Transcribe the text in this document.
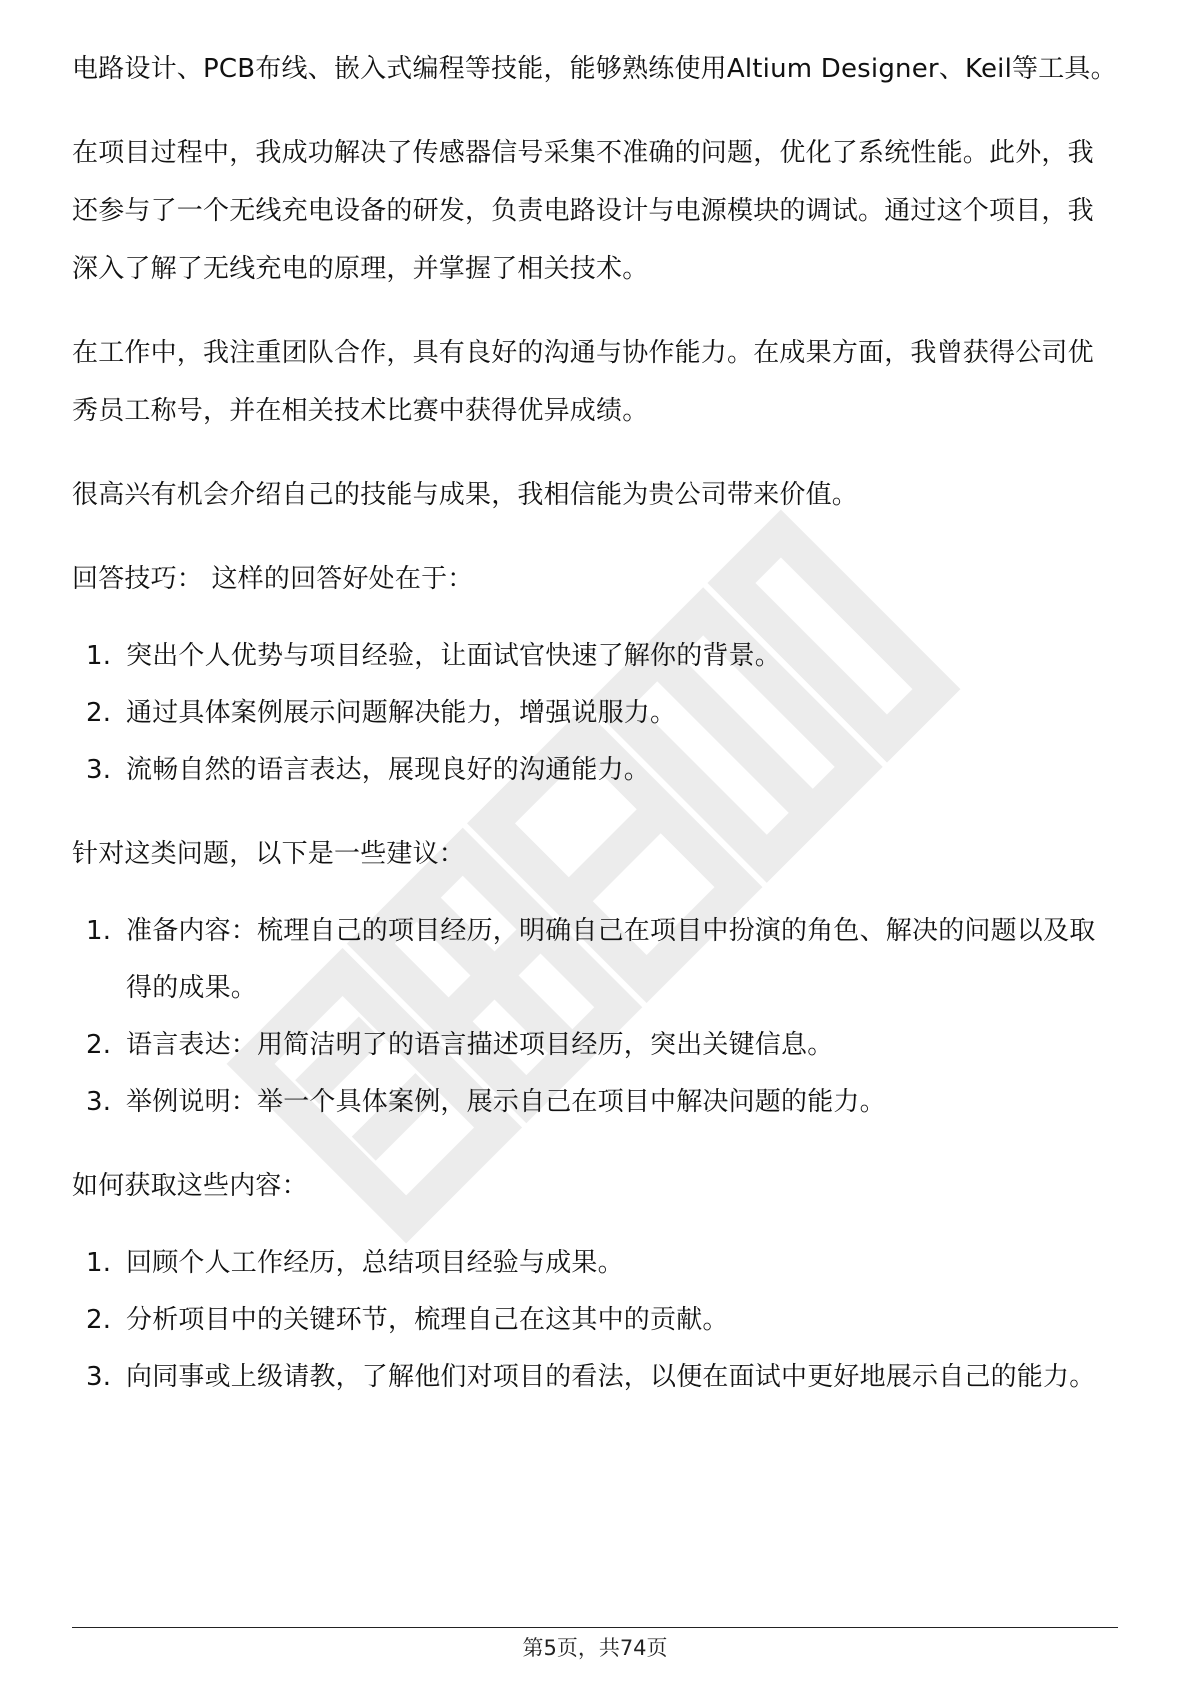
电路设计、PCB布线、嵌入式编程等技能，能够熟练使用Altium Designer、Keil等工具。

在项目过程中，我成功解决了传感器信号采集不准确的问题，优化了系统性能。此外，我还参与了一个无线充电设备的研发，负责电路设计与电源模块的调试。通过这个项目，我深入了解了无线充电的原理，并掌握了相关技术。

在工作中，我注重团队合作，具有良好的沟通与协作能力。在成果方面，我曾获得公司优秀员工称号，并在相关技术比赛中获得优异成绩。

很高兴有机会介绍自己的技能与成果，我相信能为贵公司带来价值。

回答技巧： 这样的回答好处在于：

1. 突出个人优势与项目经验，让面试官快速了解你的背景。
2. 通过具体案例展示问题解决能力，增强说服力。
3. 流畅自然的语言表达，展现良好的沟通能力。

针对这类问题，以下是一些建议：

1. 准备内容：梳理自己的项目经历，明确自己在项目中扮演的角色、解决的问题以及取得的成果。
2. 语言表达：用简洁明了的语言描述项目经历，突出关键信息。
3. 举例说明：举一个具体案例，展示自己在项目中解决问题的能力。

如何获取这些内容：

1. 回顾个人工作经历，总结项目经验与成果。
2. 分析项目中的关键环节，梳理自己在这其中的贡献。
3. 向同事或上级请教，了解他们对项目的看法，以便在面试中更好地展示自己的能力。
第5页，共74页
